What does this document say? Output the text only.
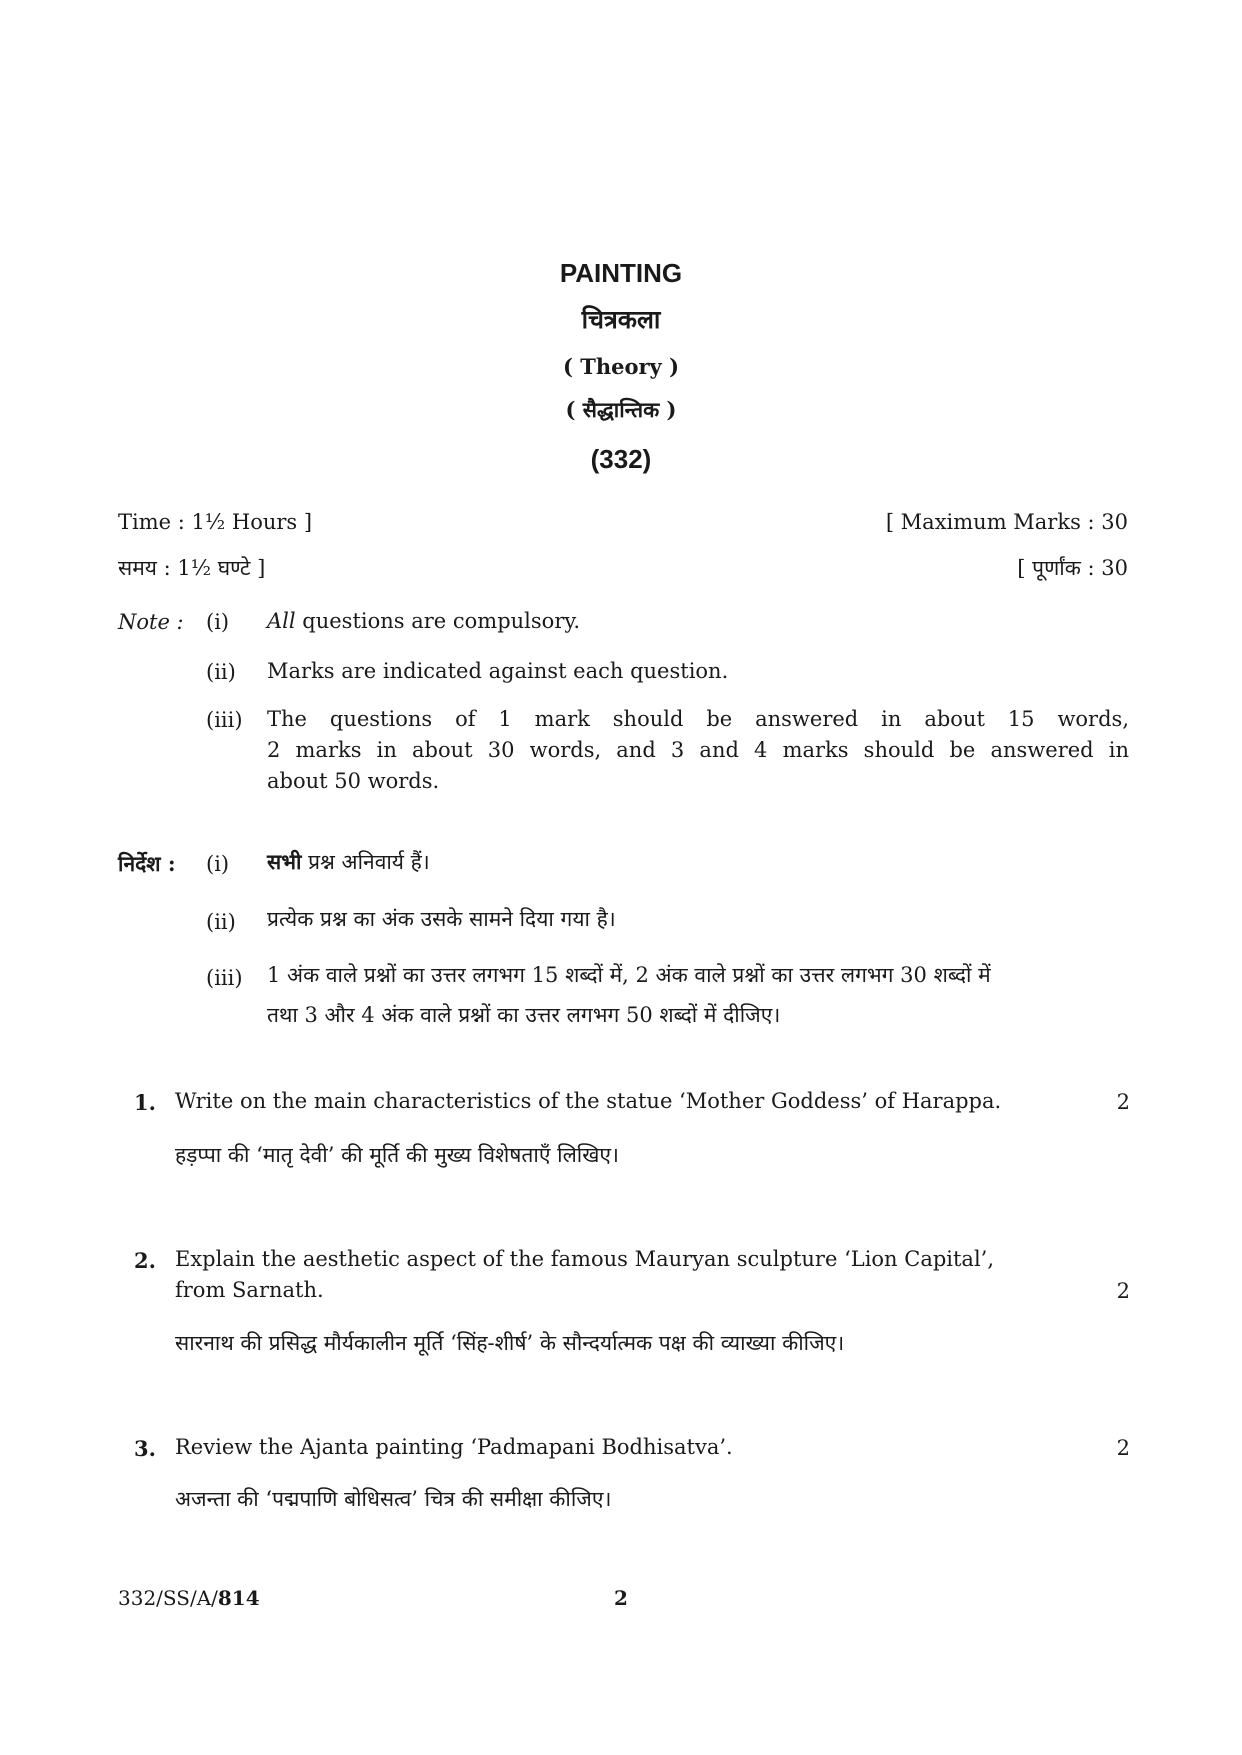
PAINTING
चित्रकला
( Theory )
( सैद्धान्तिक )
(332)
Time : 1½ Hours ]	[ Maximum Marks : 30
समय : 1½ घण्टे ]	[ पूर्णांक : 30
Note : (i) All questions are compulsory.
(ii) Marks are indicated against each question.
(iii) The questions of 1 mark should be answered in about 15 words,
2 marks in about 30 words, and 3 and 4 marks should be answered in
about 50 words.
निर्देश : (i) सभी प्रश्न अनिवार्य हैं।
(ii) प्रत्येक प्रश्न का अंक उसके सामने दिया गया है।
(iii) 1 अंक वाले प्रश्नों का उत्तर लगभग 15 शब्दों में, 2 अंक वाले प्रश्नों का उत्तर लगभग 30 शब्दों में
तथा 3 और 4 अंक वाले प्रश्नों का उत्तर लगभग 50 शब्दों में दीजिए।
1. Write on the main characteristics of the statue ‘Mother Goddess’ of Harappa.	2
हड़प्पा की ‘मातृ देवी’ की मूर्ति की मुख्य विशेषताएँ लिखिए।
2. Explain the aesthetic aspect of the famous Mauryan sculpture ‘Lion Capital’,
from Sarnath.	2
सारनाथ की प्रसिद्ध मौर्यकालीन मूर्ति ‘सिंह-शीर्ष’ के सौन्दर्यात्मक पक्ष की व्याख्या कीजिए।
3. Review the Ajanta painting ‘Padmapani Bodhisatva’.	2
अजन्ता की ‘पद्मपाणि बोधिसत्व’ चित्र की समीक्षा कीजिए।
332/SS/A/814	2
